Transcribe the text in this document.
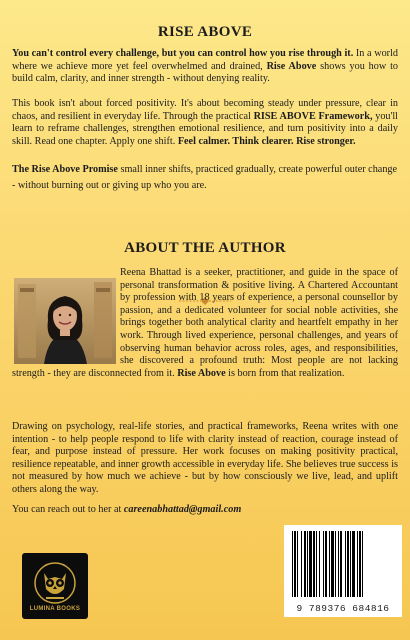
RISE ABOVE

You can't control every challenge, but you can control how you rise through it. In a world where we achieve more yet feel overwhelmed and drained, Rise Above shows you how to build calm, clarity, and inner strength - without denying reality.

This book isn't about forced positivity. It's about becoming steady under pressure, clear in chaos, and resilient in everyday life. Through the practical RISE ABOVE Framework, you'll learn to reframe challenges, strengthen emotional resilience, and turn positivity into a daily skill. Read one chapter. Apply one shift. Feel calmer. Think clearer. Rise stronger.

The Rise Above Promise small inner shifts, practiced gradually, create powerful outer change - without burning out or giving up who you are.

ABOUT THE AUTHOR

Reena Bhattad is a seeker, practitioner, and guide in the space of personal transformation & positive living. A Chartered Accountant by profession with 18 years of experience, a personal counsellor by passion, and a dedicated volunteer for social noble activities, she brings together both analytical clarity and heartfelt empathy in her work. Through lived experience, personal challenges, and years of observing human behavior across roles, ages, and responsibilities, she discovered a profound truth: Most people are not lacking strength - they are disconnected from it. Rise Above is born from that realization.

Drawing on psychology, real-life stories, and practical frameworks, Reena writes with one intention - to help people respond to life with clarity instead of reaction, courage instead of fear, and purpose instead of pressure. Her work focuses on making positivity practical, resilience repeatable, and inner growth accessible in everyday life. She believes true success is not measured by how much we achieve - but by how consciously we live, lead, and uplift others along the way.

You can reach out to her at careenabhattad@gmail.com

LUMINA BOOKS	9 789376 684816
